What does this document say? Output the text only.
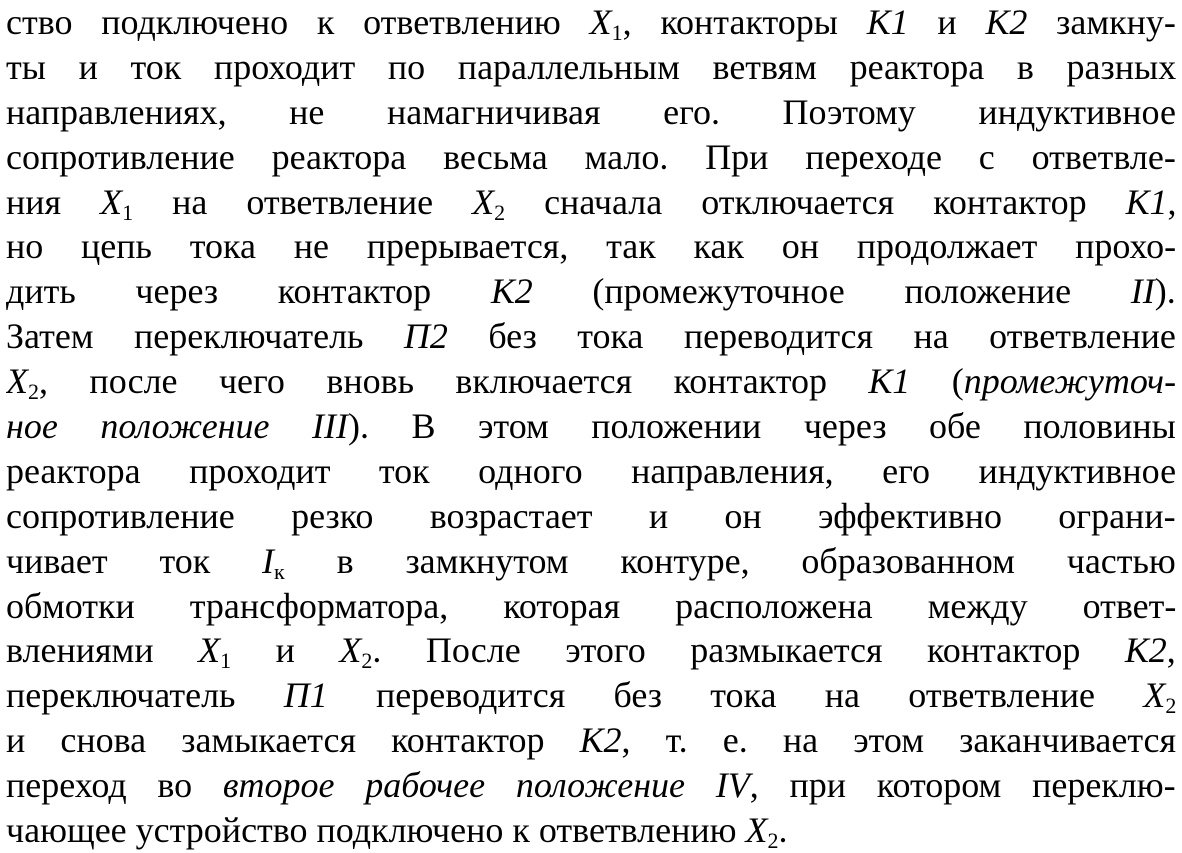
ство подключено к ответвлению $X_1$, контакторы К1 и К2 замкну-
ты и ток проходит по параллельным ветвям реактора в разных
направлениях, не намагничивая его. Поэтому индуктивное
сопротивление реактора весьма мало. При переходе с ответвле-
ния $X_1$ на ответвление $X_2$ сначала отключается контактор К1,
но цепь тока не прерывается, так как он продолжает прохо-
дить через контактор К2 (промежуточное положение II).
Затем переключатель П2 без тока переводится на ответвление
$X_2$, после чего вновь включается контактор К1 (промежуточ-
ное положение III). В этом положении через обе половины
реактора проходит ток одного направления, его индуктивное
сопротивление резко возрастает и он эффективно ограни-
чивает ток $I_к$ в замкнутом контуре, образованном частью
обмотки трансформатора, которая расположена между ответ-
влениями $X_1$ и $X_2$. После этого размыкается контактор К2,
переключатель П1 переводится без тока на ответвление $X_2$
и снова замыкается контактор К2, т. е. на этом заканчивается
переход во второе рабочее положение IV, при котором переклю-
чающее устройство подключено к ответвлению $X_2$.
